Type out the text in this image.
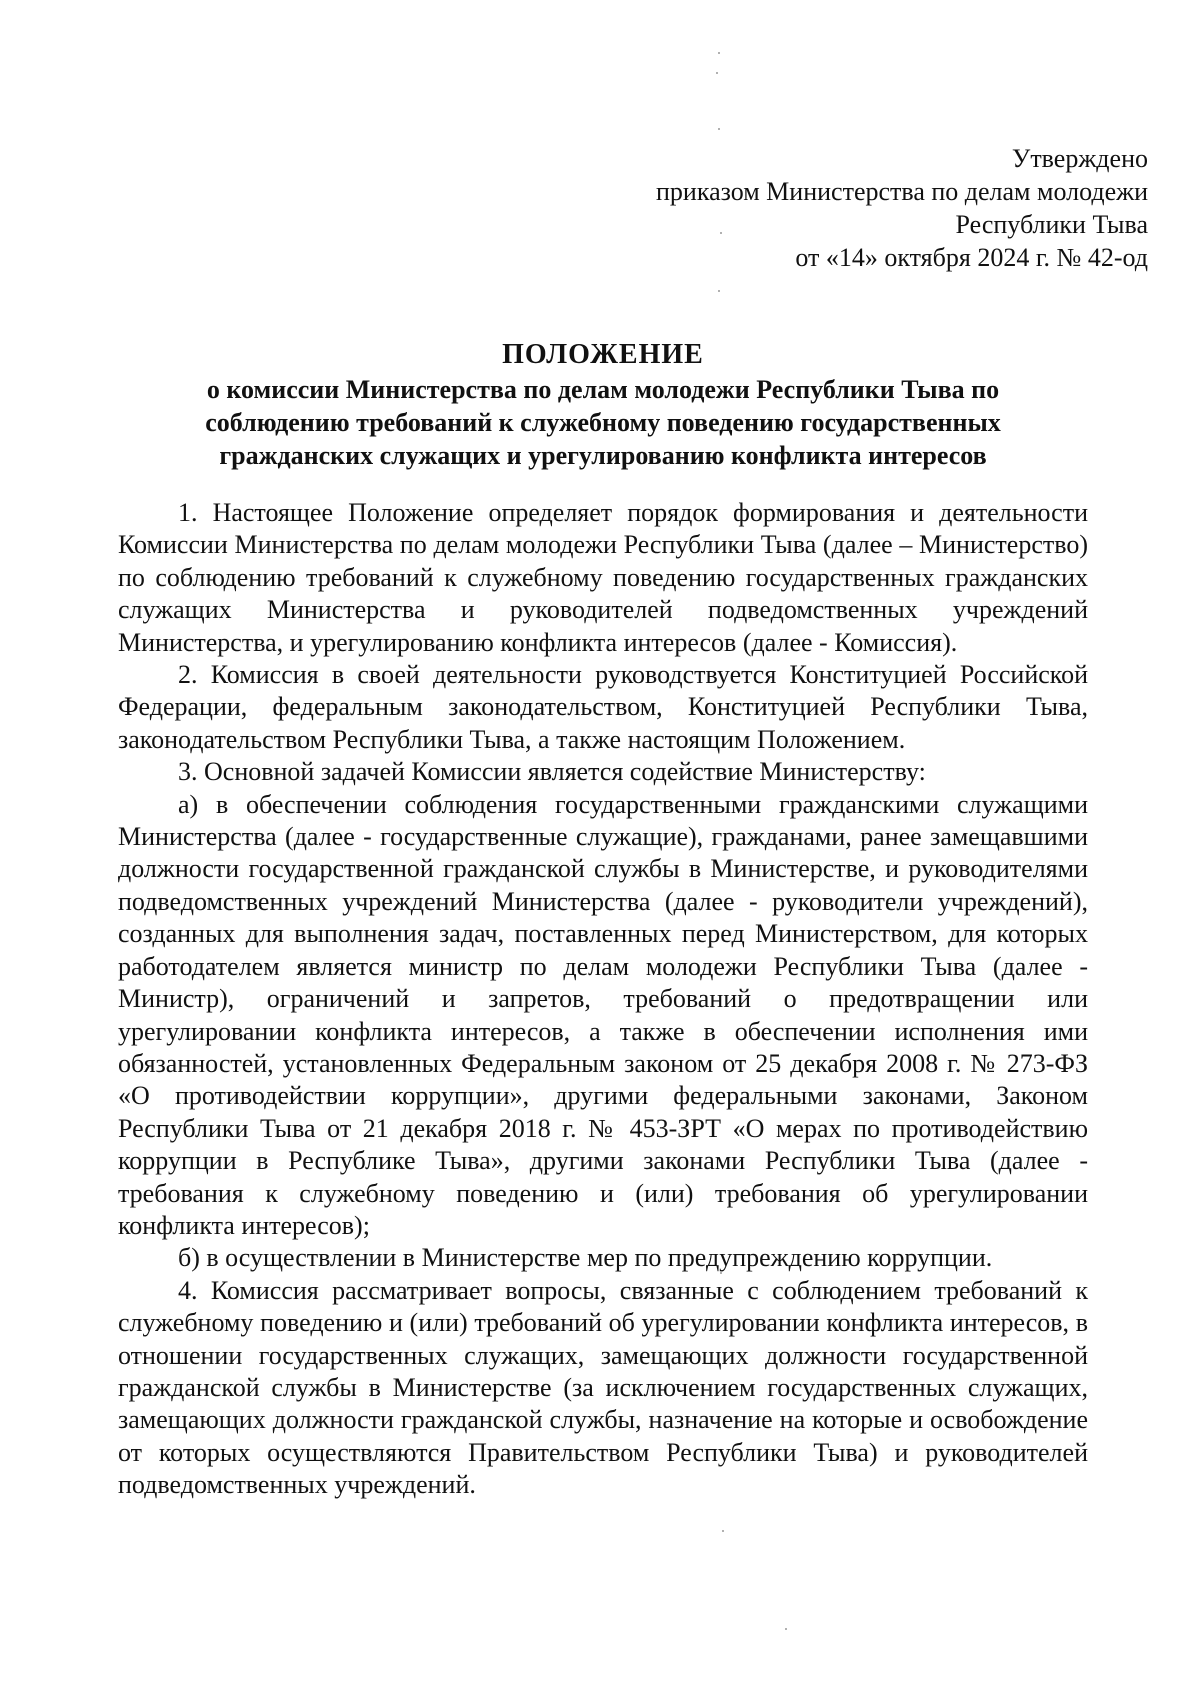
Утверждено
приказом Министерства по делам молодежи
Республики Тыва
от «14» октября 2024 г. № 42-од
ПОЛОЖЕНИЕ
о комиссии Министерства по делам молодежи Республики Тыва по
соблюдению требований к служебному поведению государственных
гражданских служащих и урегулированию конфликта интересов

1. Настоящее Положение определяет порядок формирования и деятельности Комиссии Министерства по делам молодежи Республики Тыва (далее – Министерство) по соблюдению требований к служебному поведению государственных гражданских служащих Министерства и руководителей подведомственных учреждений Министерства, и урегулированию конфликта интересов (далее - Комиссия).

2. Комиссия в своей деятельности руководствуется Конституцией Российской Федерации, федеральным законодательством, Конституцией Республики Тыва, законодательством Республики Тыва, а также настоящим Положением.

3. Основной задачей Комиссии является содействие Министерству:

а) в обеспечении соблюдения государственными гражданскими служащими Министерства (далее - государственные служащие), гражданами, ранее замещавшими должности государственной гражданской службы в Министерстве, и руководителями подведомственных учреждений Министерства (далее - руководители учреждений), созданных для выполнения задач, поставленных перед Министерством, для которых работодателем является министр по делам молодежи Республики Тыва (далее - Министр), ограничений и запретов, требований о предотвращении или урегулировании конфликта интересов, а также в обеспечении исполнения ими обязанностей, установленных Федеральным законом от 25 декабря 2008 г. № 273-ФЗ «О противодействии коррупции», другими федеральными законами, Законом Республики Тыва от 21 декабря 2018 г. № 453-ЗРТ «О мерах по противодействию коррупции в Республике Тыва», другими законами Республики Тыва (далее - требования к служебному поведению и (или) требования об урегулировании конфликта интересов);

б) в осуществлении в Министерстве мер по предупреждению коррупции.

4. Комиссия рассматривает вопросы, связанные с соблюдением требований к служебному поведению и (или) требований об урегулировании конфликта интересов, в отношении государственных служащих, замещающих должности государственной гражданской службы в Министерстве (за исключением государственных служащих, замещающих должности гражданской службы, назначение на которые и освобождение от которых осуществляются Правительством Республики Тыва) и руководителей подведомственных учреждений.
